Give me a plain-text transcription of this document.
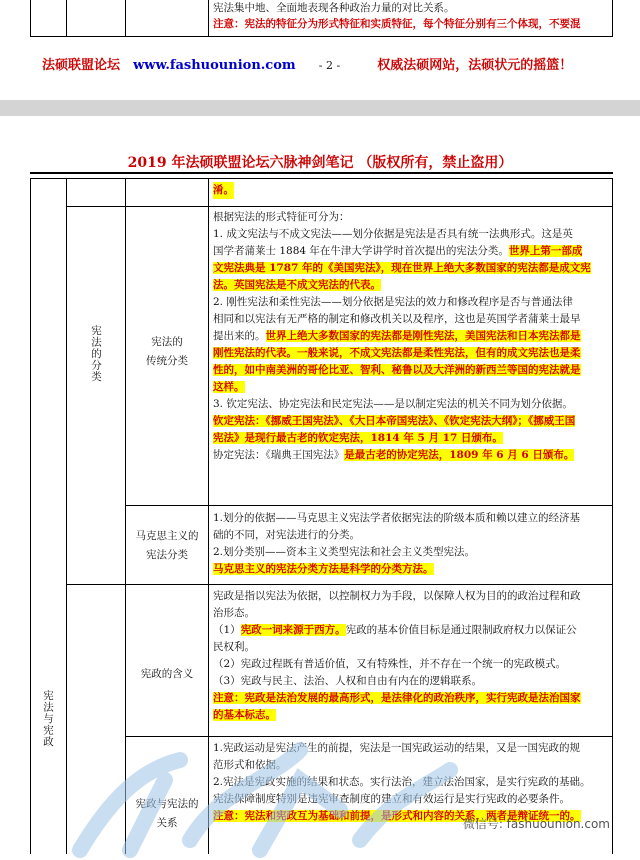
宪法集中地、全面地表现各种政治力量的对比关系。
注意：宪法的特征分为形式特征和实质特征，每个特征分别有三个体现，不要混
法硕联盟论坛 www.fashuounion.com - 2 -	权威法硕网站，法硕状元的摇篮！
2019 年法硕联盟论坛六脉神剑笔记 （版权所有，禁止盗用）
淆。
宪法的分类	宪法的
传统分类
根据宪法的形式特征可分为：
1. 成文宪法与不成文宪法——划分依据是宪法是否具有统一法典形式。这是英
国学者蒲莱士 1884 年在牛津大学讲学时首次提出的宪法分类。世界上第一部成
文宪法典是 1787 年的《美国宪法》，现在世界上绝大多数国家的宪法都是成文宪
法。英国宪法是不成文宪法的代表。
2. 刚性宪法和柔性宪法——划分依据是宪法的效力和修改程序是否与普通法律
相同和以宪法有无严格的制定和修改机关以及程序，这也是英国学者蒲莱士最早
提出来的。世界上绝大多数国家的宪法都是刚性宪法，美国宪法和日本宪法都是
刚性宪法的代表。一般来说，不成文宪法都是柔性宪法，但有的成文宪法也是柔
性的，如中南美洲的哥伦比亚、智利、秘鲁以及大洋洲的新西兰等国的宪法就是
这样。
3. 钦定宪法、协定宪法和民定宪法——是以制定宪法的机关不同为划分依据。
钦定宪法：《挪威王国宪法》、《大日本帝国宪法》、《钦定宪法大纲》；《挪威王国
宪法》是现行最古老的钦定宪法，1814 年 5 月 17 日颁布。
协定宪法：《瑞典王国宪法》是最古老的协定宪法，1809 年 6 月 6 日颁布。
马克思主义的
宪法分类
1.划分的依据——马克思主义宪法学者依据宪法的阶级本质和赖以建立的经济基
础的不同，对宪法进行的分类。
2.划分类别——资本主义类型宪法和社会主义类型宪法。
马克思主义的宪法分类方法是科学的分类方法。
宪法与宪政
宪政的含义
宪政是指以宪法为依据，以控制权力为手段，以保障人权为目的的政治过程和政
治形态。
（1）宪政一词来源于西方。宪政的基本价值目标是通过限制政府权力以保证公
民权利。
（2）宪政过程既有普适价值，又有特殊性，并不存在一个统一的宪政模式。
（3）宪政与民主、法治、人权和自由有内在的逻辑联系。
注意：宪政是法治发展的最高形式，是法律化的政治秩序，实行宪政是法治国家
的基本标志。
宪政与宪法的
关系
1.宪政运动是宪法产生的前提，宪法是一国宪政运动的结果，又是一国宪政的规
范形式和依据。
2.宪法是宪政实施的结果和状态。实行法治，建立法治国家，是实行宪政的基础。
宪法保障制度特别是违宪审查制度的建立和有效运行是实行宪政的必要条件。
注意：宪法和宪政互为基础和前提，是形式和内容的关系，两者是辩证统一的。
微信号: fashuounion.com
